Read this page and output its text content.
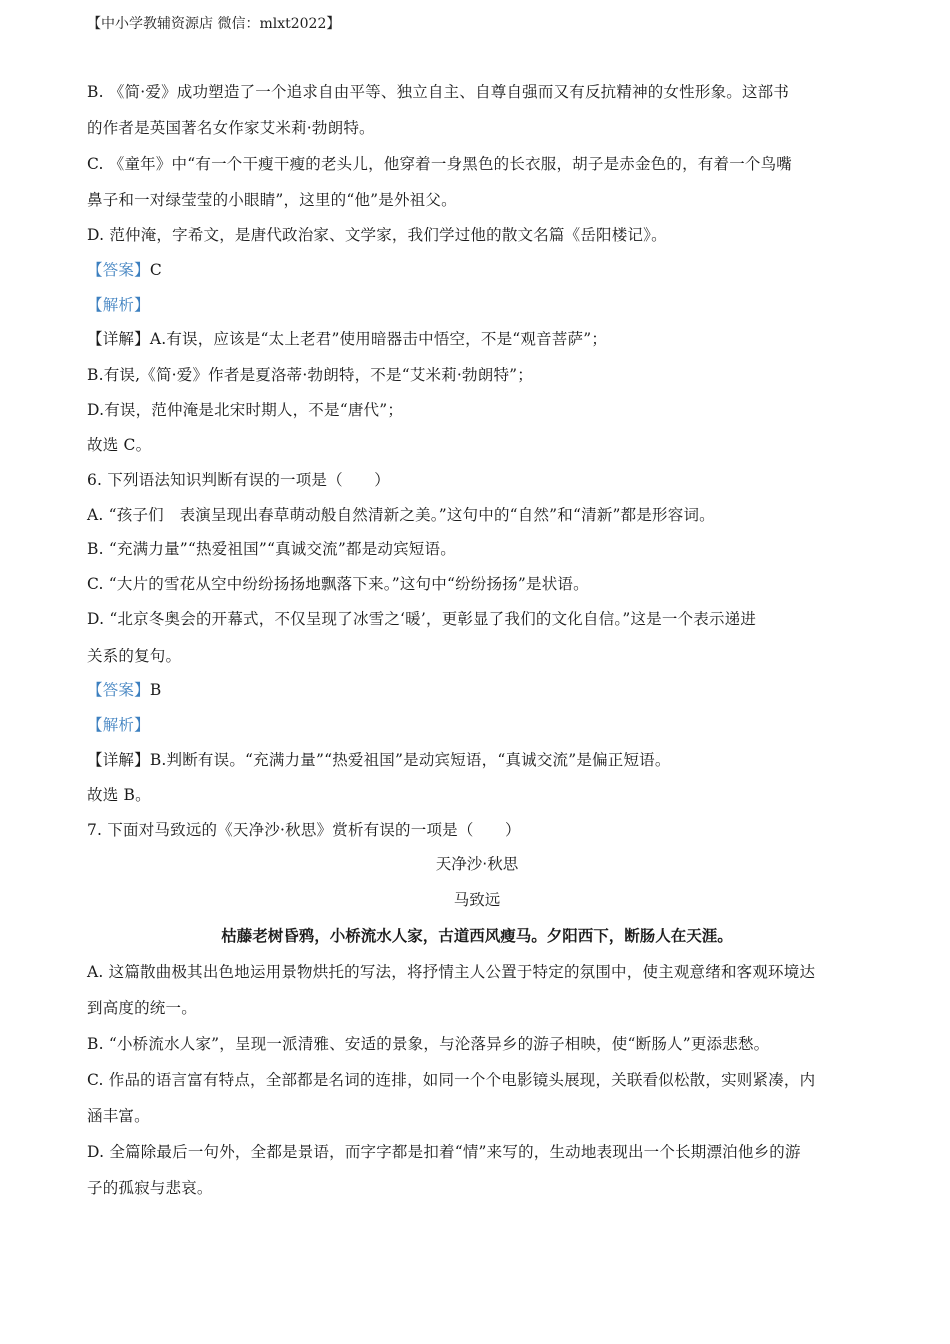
【中小学教辅资源店 微信：mlxt2022】
B. 《简·爱》成功塑造了一个追求自由平等、独立自主、自尊自强而又有反抗精神的女性形象。这部书
的作者是英国著名女作家艾米莉·勃朗特。
C. 《童年》中“有一个干瘦干瘦的老头儿，他穿着一身黑色的长衣服，胡子是赤金色的，有着一个鸟嘴
鼻子和一对绿莹莹的小眼睛”，这里的“他”是外祖父。
D. 范仲淹，字希文，是唐代政治家、文学家，我们学过他的散文名篇《岳阳楼记》。
【答案】C
【解析】
【详解】A.有误，应该是“太上老君”使用暗器击中悟空，不是“观音菩萨”；
B.有误,《简·爱》作者是夏洛蒂·勃朗特，不是“艾米莉·勃朗特”；
D.有误，范仲淹是北宋时期人，不是“唐代”；
故选 C。
6. 下列语法知识判断有误的一项是（　　）
A. “孩子们　表演呈现出春草萌动般自然清新之美。”这句中的“自然”和“清新”都是形容词。
B. “充满力量”“热爱祖国”“真诚交流”都是动宾短语。
C. “大片的雪花从空中纷纷扬扬地飘落下来。”这句中“纷纷扬扬”是状语。
D. “北京冬奥会的开幕式，不仅呈现了冰雪之‘暖’，更彰显了我们的文化自信。”这是一个表示递进
关系的复句。
【答案】B
【解析】
【详解】B.判断有误。“充满力量”“热爱祖国”是动宾短语，“真诚交流”是偏正短语。
故选 B。
7. 下面对马致远的《天净沙·秋思》赏析有误的一项是（　　）
天净沙·秋思
马致远
枯藤老树昏鸦，小桥流水人家，古道西风瘦马。夕阳西下，断肠人在天涯。
A. 这篇散曲极其出色地运用景物烘托的写法，将抒情主人公置于特定的氛围中，使主观意绪和客观环境达
到高度的统一。
B. “小桥流水人家”，呈现一派清雅、安适的景象，与沦落异乡的游子相映，使“断肠人”更添悲愁。
C. 作品的语言富有特点，全部都是名词的连排，如同一个个电影镜头展现，关联看似松散，实则紧凑，内
涵丰富。
D. 全篇除最后一句外，全都是景语，而字字都是扣着“情”来写的，生动地表现出一个长期漂泊他乡的游
子的孤寂与悲哀。
